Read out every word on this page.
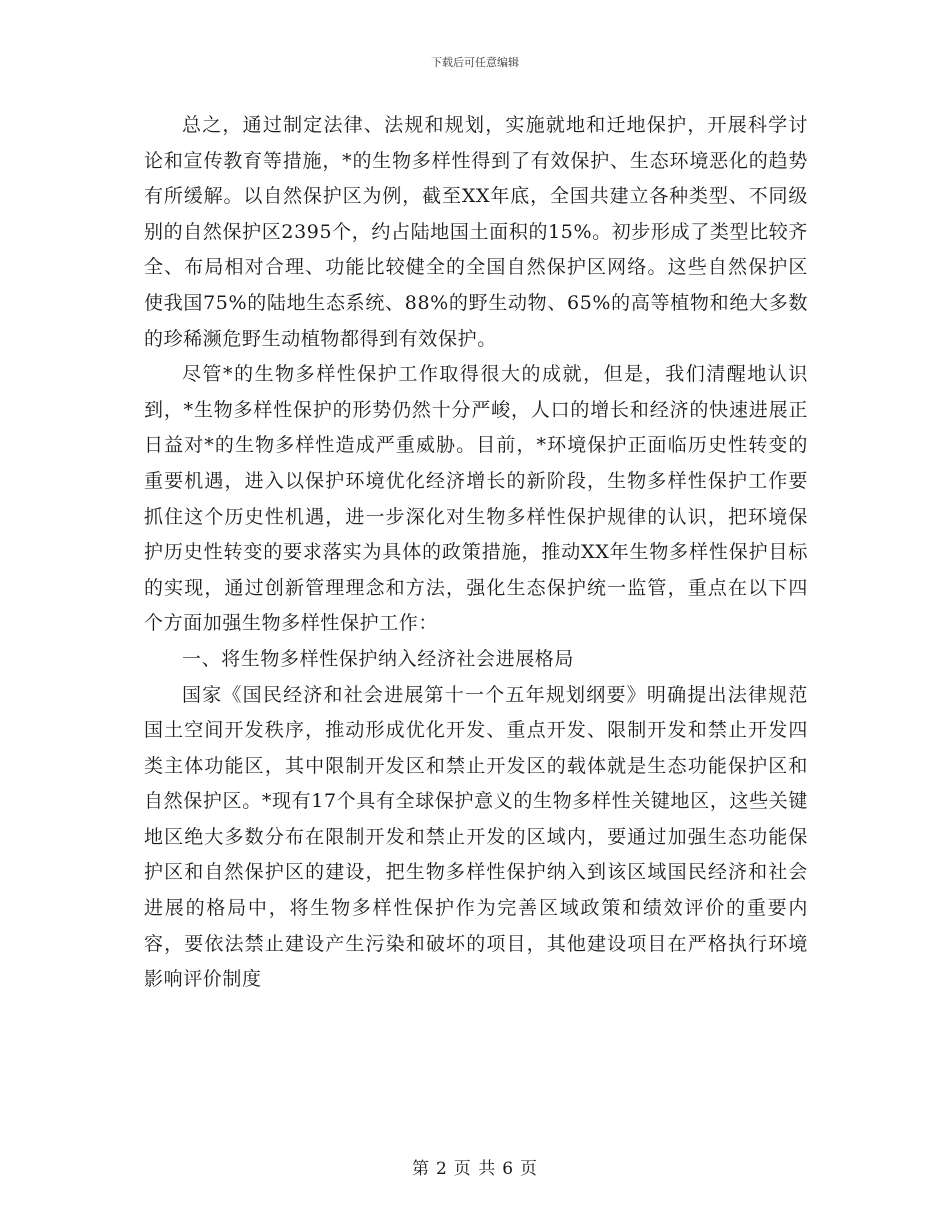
下载后可任意编辑

总之，通过制定法律、法规和规划，实施就地和迁地保护，开展科学讨论和宣传教育等措施，*的生物多样性得到了有效保护、生态环境恶化的趋势有所缓解。以自然保护区为例，截至XX年底，全国共建立各种类型、不同级别的自然保护区2395个，约占陆地国土面积的15%。初步形成了类型比较齐全、布局相对合理、功能比较健全的全国自然保护区网络。这些自然保护区使我国75%的陆地生态系统、88%的野生动物、65%的高等植物和绝大多数的珍稀濒危野生动植物都得到有效保护。

尽管*的生物多样性保护工作取得很大的成就，但是，我们清醒地认识到，*生物多样性保护的形势仍然十分严峻，人口的增长和经济的快速进展正日益对*的生物多样性造成严重威胁。目前，*环境保护正面临历史性转变的重要机遇，进入以保护环境优化经济增长的新阶段，生物多样性保护工作要抓住这个历史性机遇，进一步深化对生物多样性保护规律的认识，把环境保护历史性转变的要求落实为具体的政策措施，推动XX年生物多样性保护目标的实现，通过创新管理理念和方法，强化生态保护统一监管，重点在以下四个方面加强生物多样性保护工作：

一、将生物多样性保护纳入经济社会进展格局

国家《国民经济和社会进展第十一个五年规划纲要》明确提出法律规范国土空间开发秩序，推动形成优化开发、重点开发、限制开发和禁止开发四类主体功能区，其中限制开发区和禁止开发区的载体就是生态功能保护区和自然保护区。*现有17个具有全球保护意义的生物多样性关键地区，这些关键地区绝大多数分布在限制开发和禁止开发的区域内，要通过加强生态功能保护区和自然保护区的建设，把生物多样性保护纳入到该区域国民经济和社会进展的格局中，将生物多样性保护作为完善区域政策和绩效评价的重要内容，要依法禁止建设产生污染和破坏的项目，其他建设项目在严格执行环境影响评价制度

第 2 页 共 6 页
